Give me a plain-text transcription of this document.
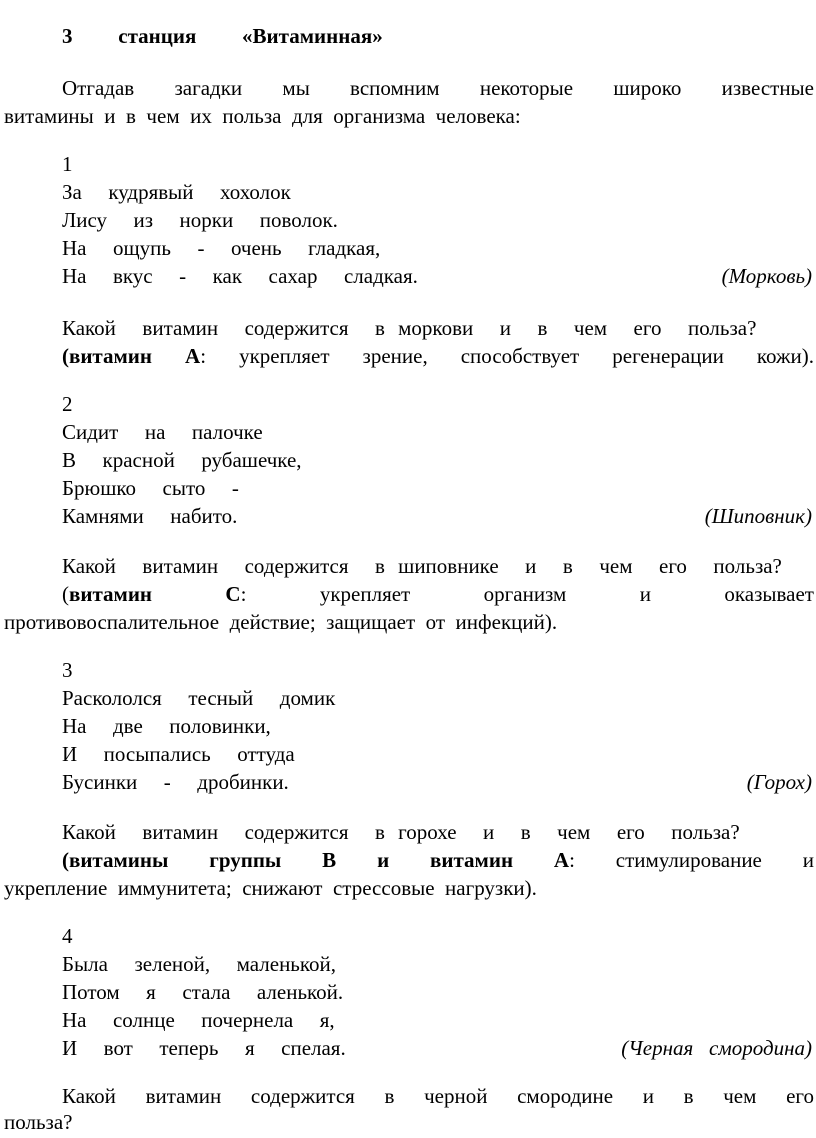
3   станция   «Витаминная»
Отгадав загадки мы вспомним некоторые широко известные
витамины  и  в  чем  их  польза  для  организма  человека:
1
За  кудрявый  хохолок
Лису  из  норки  поволок.
На  ощупь  -  очень  гладкая,
На  вкус  -  как  сахар  сладкая.	(Морковь)
Какой  витамин  содержится  в моркови  и  в  чем  его  польза?
(витамин А: укрепляет зрение, способствует регенерации кожи).
2
Сидит  на  палочке
В  красной  рубашечке,
Брюшко  сыто  -
Камнями  набито.	(Шиповник)
Какой  витамин  содержится  в шиповнике  и  в  чем  его  польза?
(витамин С: укрепляет организм и оказывает
противовоспалительное  действие;  защищает  от  инфекций).
3
Раскололся  тесный  домик
На  две  половинки,
И  посыпались  оттуда
Бусинки  -  дробинки.	(Горох)
Какой  витамин  содержится  в горохе  и  в  чем  его  польза?
(витамины группы В и витамин А: стимулирование и
укрепление  иммунитета;  снижают  стрессовые  нагрузки).
4
Была  зеленой,  маленькой,
Потом  я  стала  аленькой.
На  солнце  почернела  я,
И  вот  теперь  я  спелая.	(Черная   смородина)
Какой витамин содержится в черной смородине и в чем его
польза?
